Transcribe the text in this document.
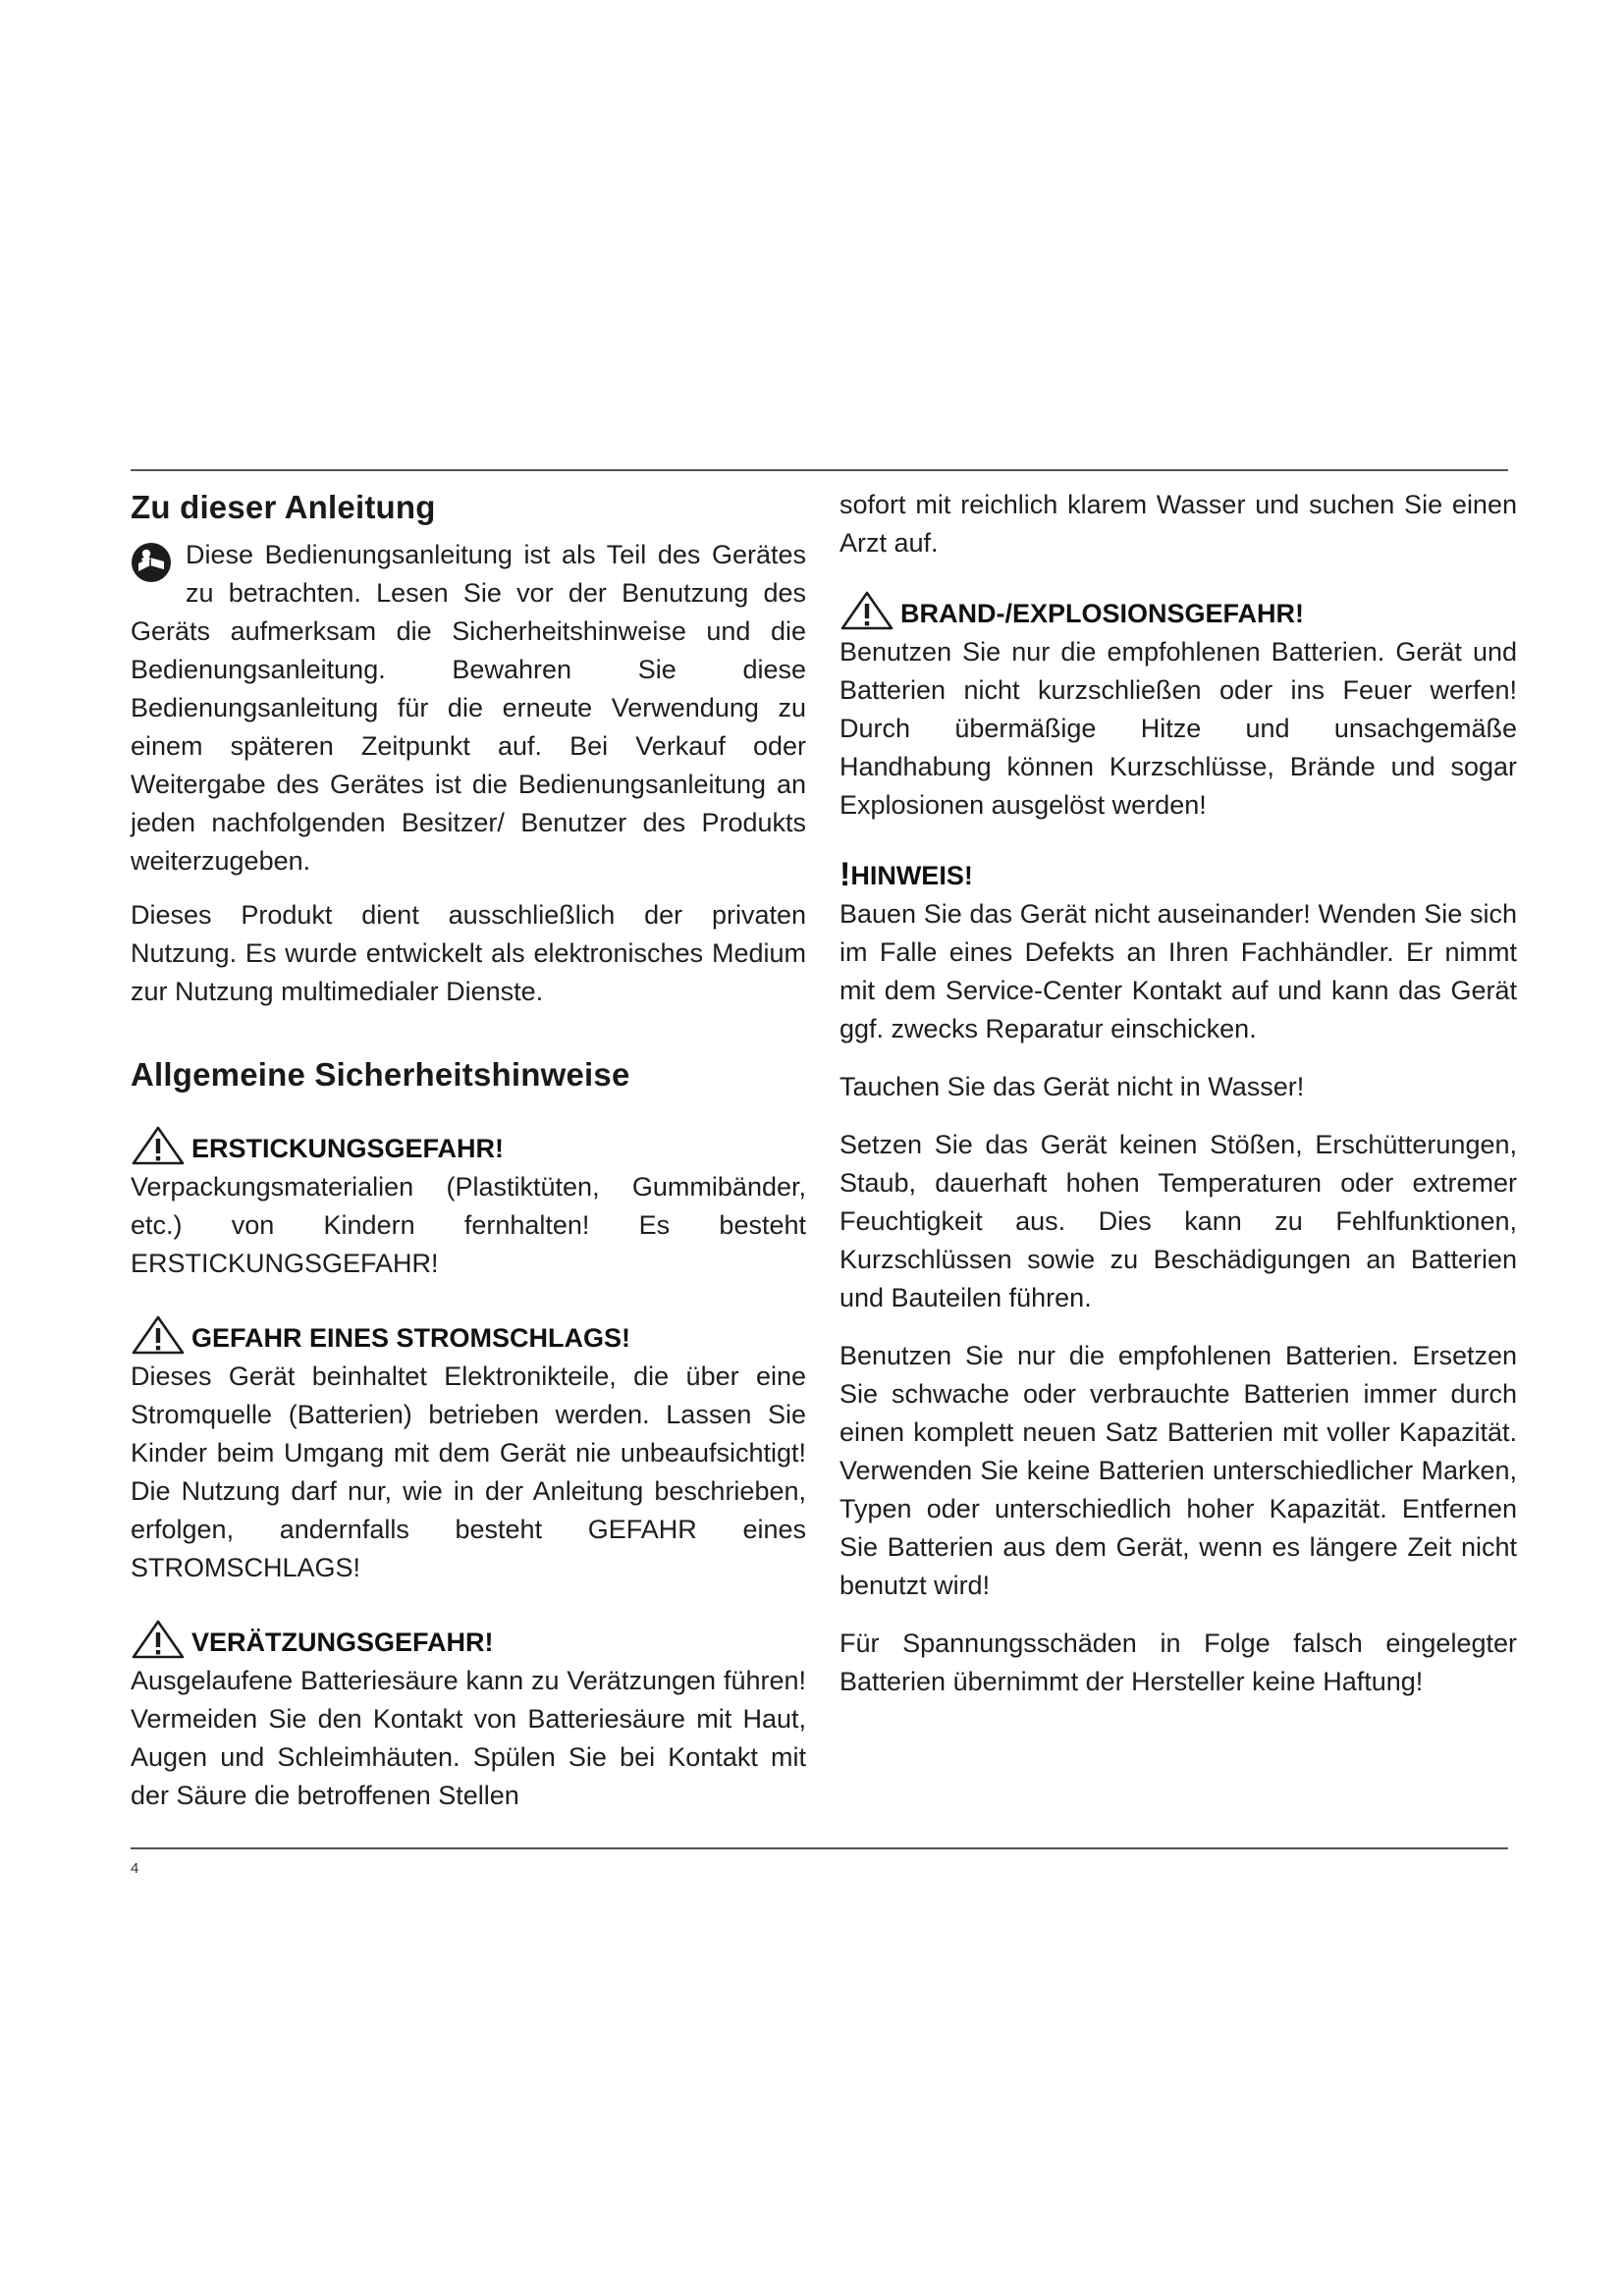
Zu dieser Anleitung

Diese Bedienungsanleitung ist als Teil des Gerätes zu betrachten. Lesen Sie vor der Benutzung des Geräts aufmerksam die Sicherheitshinweise und die Bedienungsanleitung. Bewahren Sie diese Bedienungsanleitung für die erneute Verwendung zu einem späteren Zeitpunkt auf. Bei Verkauf oder Weitergabe des Gerätes ist die Bedienungsanleitung an jeden nachfolgenden Besitzer/ Benutzer des Produkts weiterzugeben.

Dieses Produkt dient ausschließlich der privaten Nutzung. Es wurde entwickelt als elektronisches Medium zur Nutzung multimedialer Dienste.

Allgemeine Sicherheitshinweise
ERSTICKUNGSGEFAHR!

Verpackungsmaterialien (Plastiktüten, Gummibänder, etc.) von Kindern fernhalten! Es besteht ERSTICKUNGSGEFAHR!

GEFAHR EINES STROMSCHLAGS!

Dieses Gerät beinhaltet Elektronikteile, die über eine Stromquelle (Batterien) betrieben werden. Lassen Sie Kinder beim Umgang mit dem Gerät nie unbeaufsichtigt! Die Nutzung darf nur, wie in der Anleitung beschrieben, erfolgen, andernfalls besteht GEFAHR eines STROMSCHLAGS!

VERÄTZUNGSGEFAHR!

Ausgelaufene Batteriesäure kann zu Verätzungen führen! Vermeiden Sie den Kontakt von Batteriesäure mit Haut, Augen und Schleimhäuten. Spülen Sie bei Kontakt mit der Säure die betroffenen Stellen

sofort mit reichlich klarem Wasser und suchen Sie einen Arzt auf.

BRAND-/EXPLOSIONSGEFAHR!

Benutzen Sie nur die empfohlenen Batterien. Gerät und Batterien nicht kurzschließen oder ins Feuer werfen! Durch übermäßige Hitze und unsachgemäße Handhabung können Kurzschlüsse, Brände und sogar Explosionen ausgelöst werden!

! HINWEIS!

Bauen Sie das Gerät nicht auseinander! Wenden Sie sich im Falle eines Defekts an Ihren Fachhändler. Er nimmt mit dem Service-Center Kontakt auf und kann das Gerät ggf. zwecks Reparatur einschicken.

Tauchen Sie das Gerät nicht in Wasser!

Setzen Sie das Gerät keinen Stößen, Erschütterungen, Staub, dauerhaft hohen Temperaturen oder extremer Feuchtigkeit aus. Dies kann zu Fehlfunktionen, Kurzschlüssen sowie zu Beschädigungen an Batterien und Bauteilen führen.

Benutzen Sie nur die empfohlenen Batterien. Ersetzen Sie schwache oder verbrauchte Batterien immer durch einen komplett neuen Satz Batterien mit voller Kapazität. Verwenden Sie keine Batterien unterschiedlicher Marken, Typen oder unterschiedlich hoher Kapazität. Entfernen Sie Batterien aus dem Gerät, wenn es längere Zeit nicht benutzt wird!

Für Spannungsschäden in Folge falsch eingelegter Batterien übernimmt der Hersteller keine Haftung!

4
